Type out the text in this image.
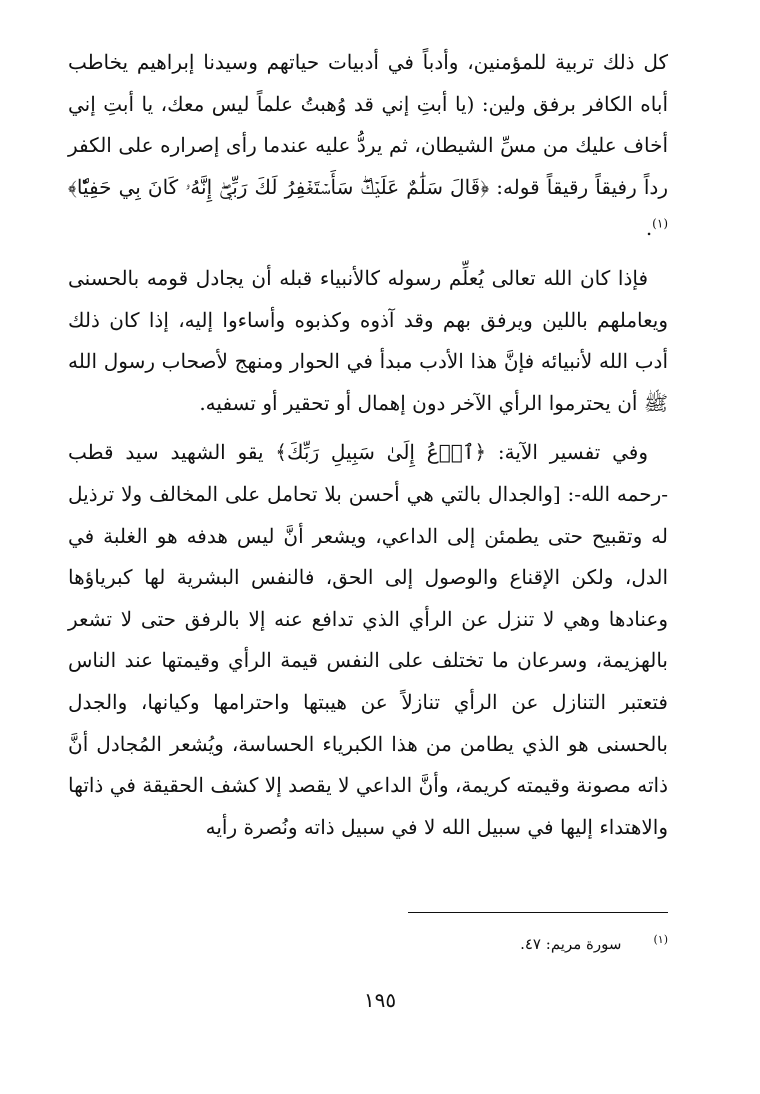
كل ذلك تربية للمؤمنين، وأدباً في أدبيات حياتهم وسيدنا إبراهيم يخاطب أباه الكافر برفق ولين: (يا أبتِ إني قد وُهبتُ علماً ليس معك، يا أبتِ إني أخاف عليك من مسِّ الشيطان، ثم يردُّ عليه عندما رأى إصراره على الكفر رداً رفيقاً رقيقاً قوله: ﴿قَالَ سَلَٰمٌ عَلَيۡكَۖ سَأَسۡتَغۡفِرُ لَكَ رَبِّيٓۖ إِنَّهُۥ كَانَ بِي حَفِيّٗا﴾$^{(١)}$.

فإذا كان الله تعالى يُعلِّم رسوله كالأنبياء قبله أن يجادل قومه بالحسنى ويعاملهم باللين ويرفق بهم وقد آذوه وكذبوه وأساءوا إليه، إذا كان ذلك أدب الله لأنبيائه فإنَّ هذا الأدب مبدأ في الحوار ومنهج لأصحاب رسول الله ﷺ أن يحترموا الرأي الآخر دون إهمال أو تحقير أو تسفيه.

وفي تفسير الآية: ﴿ٱدۡعُ إِلَىٰ سَبِيلِ رَبِّكَ﴾ يقو الشهيد سيد قطب -رحمه الله-: [والجدال بالتي هي أحسن بلا تحامل على المخالف ولا ترذيل له وتقبيح حتى يطمئن إلى الداعي، ويشعر أنَّ ليس هدفه هو الغلبة في الدل، ولكن الإقناع والوصول إلى الحق، فالنفس البشرية لها كبرياؤها وعنادها وهي لا تنزل عن الرأي الذي تدافع عنه إلا بالرفق حتى لا تشعر بالهزيمة، وسرعان ما تختلف على النفس قيمة الرأي وقيمتها عند الناس فتعتبر التنازل عن الرأي تنازلاً عن هيبتها واحترامها وكيانها، والجدل بالحسنى هو الذي يطامن من هذا الكبرياء الحساسة، ويُشعر المُجادل أنَّ ذاته مصونة وقيمته كريمة، وأنَّ الداعي لا يقصد إلا كشف الحقيقة في ذاتها والاهتداء إليها في سبيل الله لا في سبيل ذاته ونُصرة رأيه

$^{(١)}$سورة مريم: ٤٧.
١٩٥
